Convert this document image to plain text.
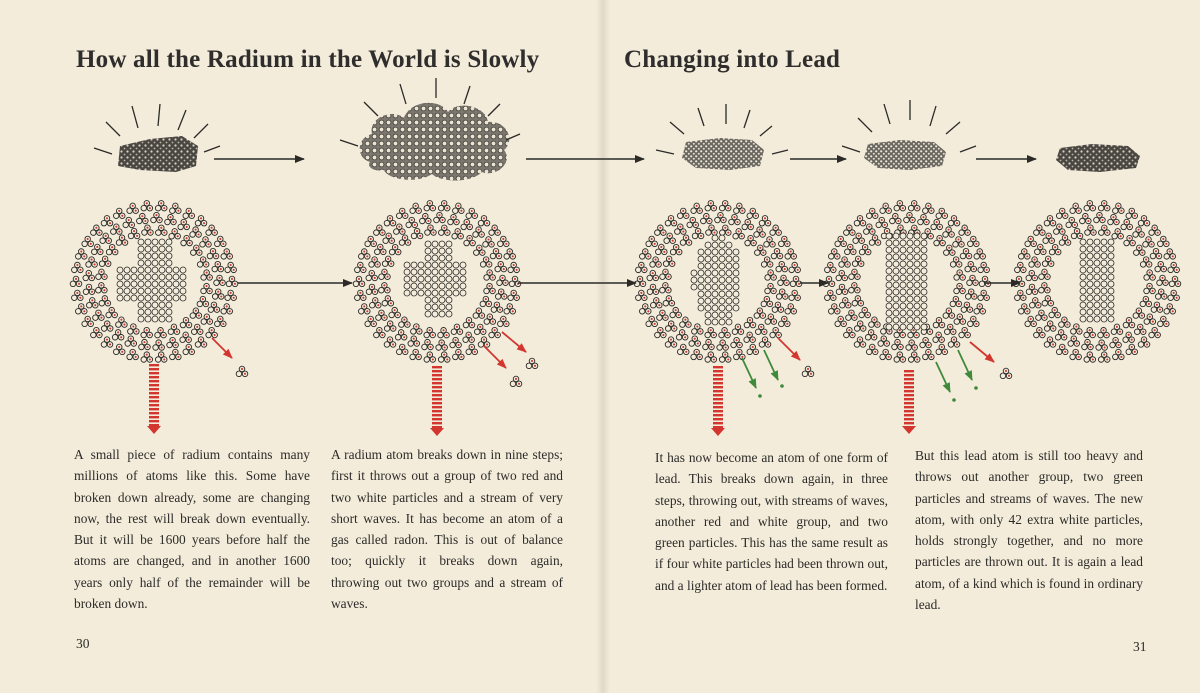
How all the Radium in the World is Slowly	Changing into Lead
A small piece of radium contains many millions of atoms like this. Some have broken down already, some are changing now, the rest will break down eventually. But it will be 1600 years before half the atoms are changed, and in another 1600 years only half of the remainder will be broken down.
A radium atom breaks down in nine steps; first it throws out a group of two red and two white particles and a stream of very short waves. It has become an atom of a gas called radon. This is out of balance too; quickly it breaks down again, throwing out two groups and a stream of waves.
It has now become an atom of one form of lead. This breaks down again, in three steps, throwing out, with streams of waves, another red and white group, and two green particles. This has the same result as if four white particles had been thrown out, and a lighter atom of lead has been formed.
But this lead atom is still too heavy and throws out another group, two green particles and streams of waves. The new atom, with only 42 extra white particles, holds strongly together, and no more particles are thrown out. It is again a lead atom, of a kind which is found in ordinary lead.
30	31
